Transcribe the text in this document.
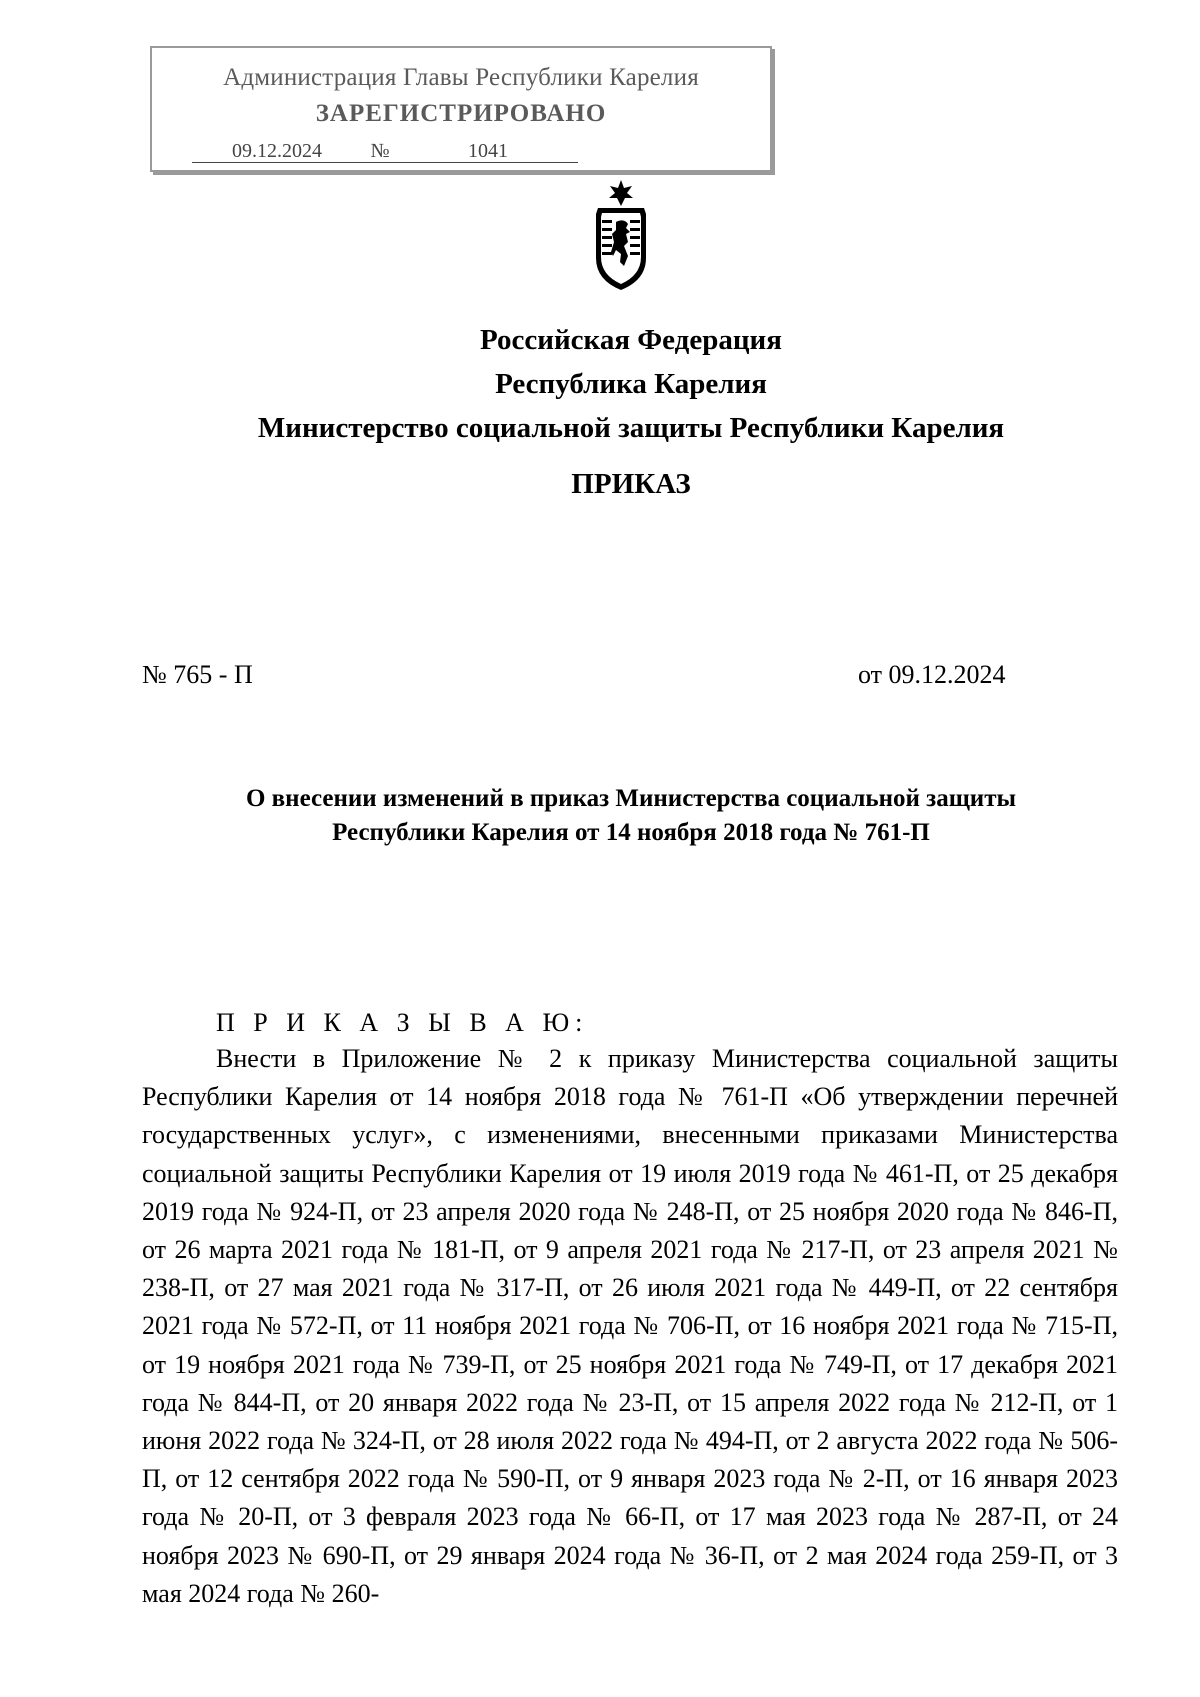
Администрация Главы Республики Карелия
ЗАРЕГИСТРИРОВАНО
09.12.2024 №	1041
Российская Федерация
Республика Карелия
Министерство социальной защиты Республики Карелия
ПРИКАЗ
№ 765 - П	от 09.12.2024
О внесении изменений в приказ Министерства социальной защиты
Республики Карелия от 14 ноября 2018 года № 761-П
П Р И К А З Ы В А Ю:

Внести в Приложение № 2 к приказу Министерства социальной защиты Республики Карелия от 14 ноября 2018 года № 761-П «Об утверждении перечней государственных услуг», с изменениями, внесенными приказами Министерства социальной защиты Республики Карелия от 19 июля 2019 года № 461-П, от 25 декабря 2019 года № 924-П, от 23 апреля 2020 года № 248-П, от 25 ноября 2020 года № 846-П, от 26 марта 2021 года № 181-П, от 9 апреля 2021 года № 217-П, от 23 апреля 2021 № 238-П, от 27 мая 2021 года № 317-П, от 26 июля 2021 года № 449-П, от 22 сентября 2021 года № 572-П, от 11 ноября 2021 года № 706-П, от 16 ноября 2021 года № 715-П, от 19 ноября 2021 года № 739-П, от 25 ноября 2021 года № 749-П, от 17 декабря 2021 года № 844-П, от 20 января 2022 года № 23-П, от 15 апреля 2022 года № 212-П, от 1 июня 2022 года № 324-П, от 28 июля 2022 года № 494-П, от 2 августа 2022 года № 506-П, от 12 сентября 2022 года № 590-П, от 9 января 2023 года № 2-П, от 16 января 2023 года № 20-П, от 3 февраля 2023 года № 66-П, от 17 мая 2023 года № 287-П, от 24 ноября 2023 № 690-П, от 29 января 2024 года № 36-П, от 2 мая 2024 года 259-П, от 3 мая 2024 года № 260-
